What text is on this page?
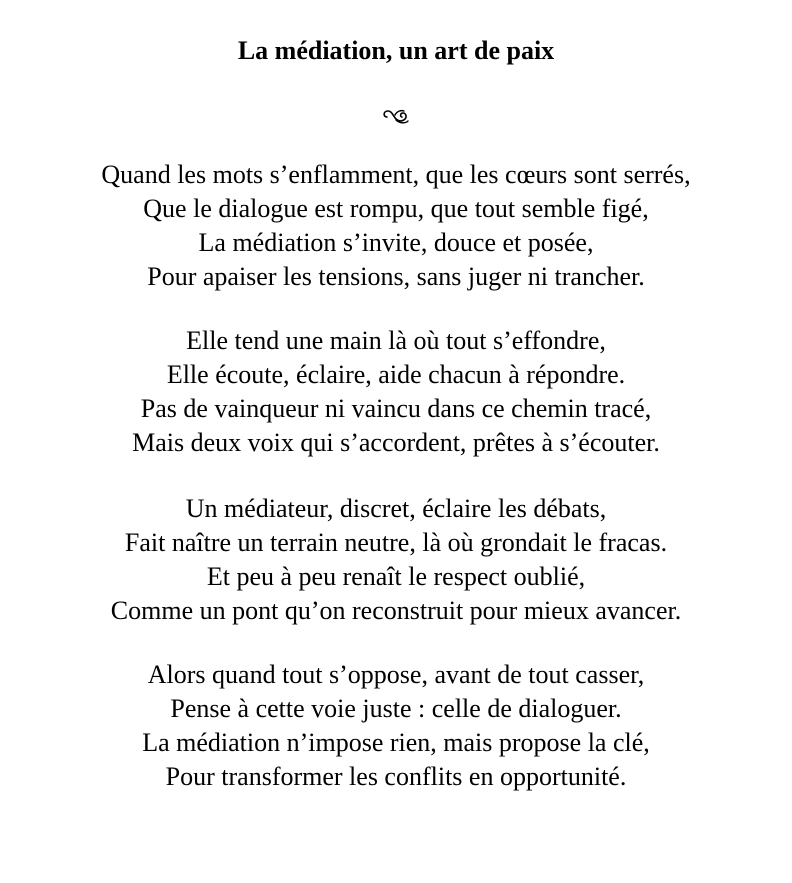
La médiation, un art de paix
Quand les mots s’enflamment, que les cœurs sont serrés,
Que le dialogue est rompu, que tout semble figé,
La médiation s’invite, douce et posée,
Pour apaiser les tensions, sans juger ni trancher.
Elle tend une main là où tout s’effondre,
Elle écoute, éclaire, aide chacun à répondre.
Pas de vainqueur ni vaincu dans ce chemin tracé,
Mais deux voix qui s’accordent, prêtes à s’écouter.
Un médiateur, discret, éclaire les débats,
Fait naître un terrain neutre, là où grondait le fracas.
Et peu à peu renaît le respect oublié,
Comme un pont qu’on reconstruit pour mieux avancer.
Alors quand tout s’oppose, avant de tout casser,
Pense à cette voie juste : celle de dialoguer.
La médiation n’impose rien, mais propose la clé,
Pour transformer les conflits en opportunité.
